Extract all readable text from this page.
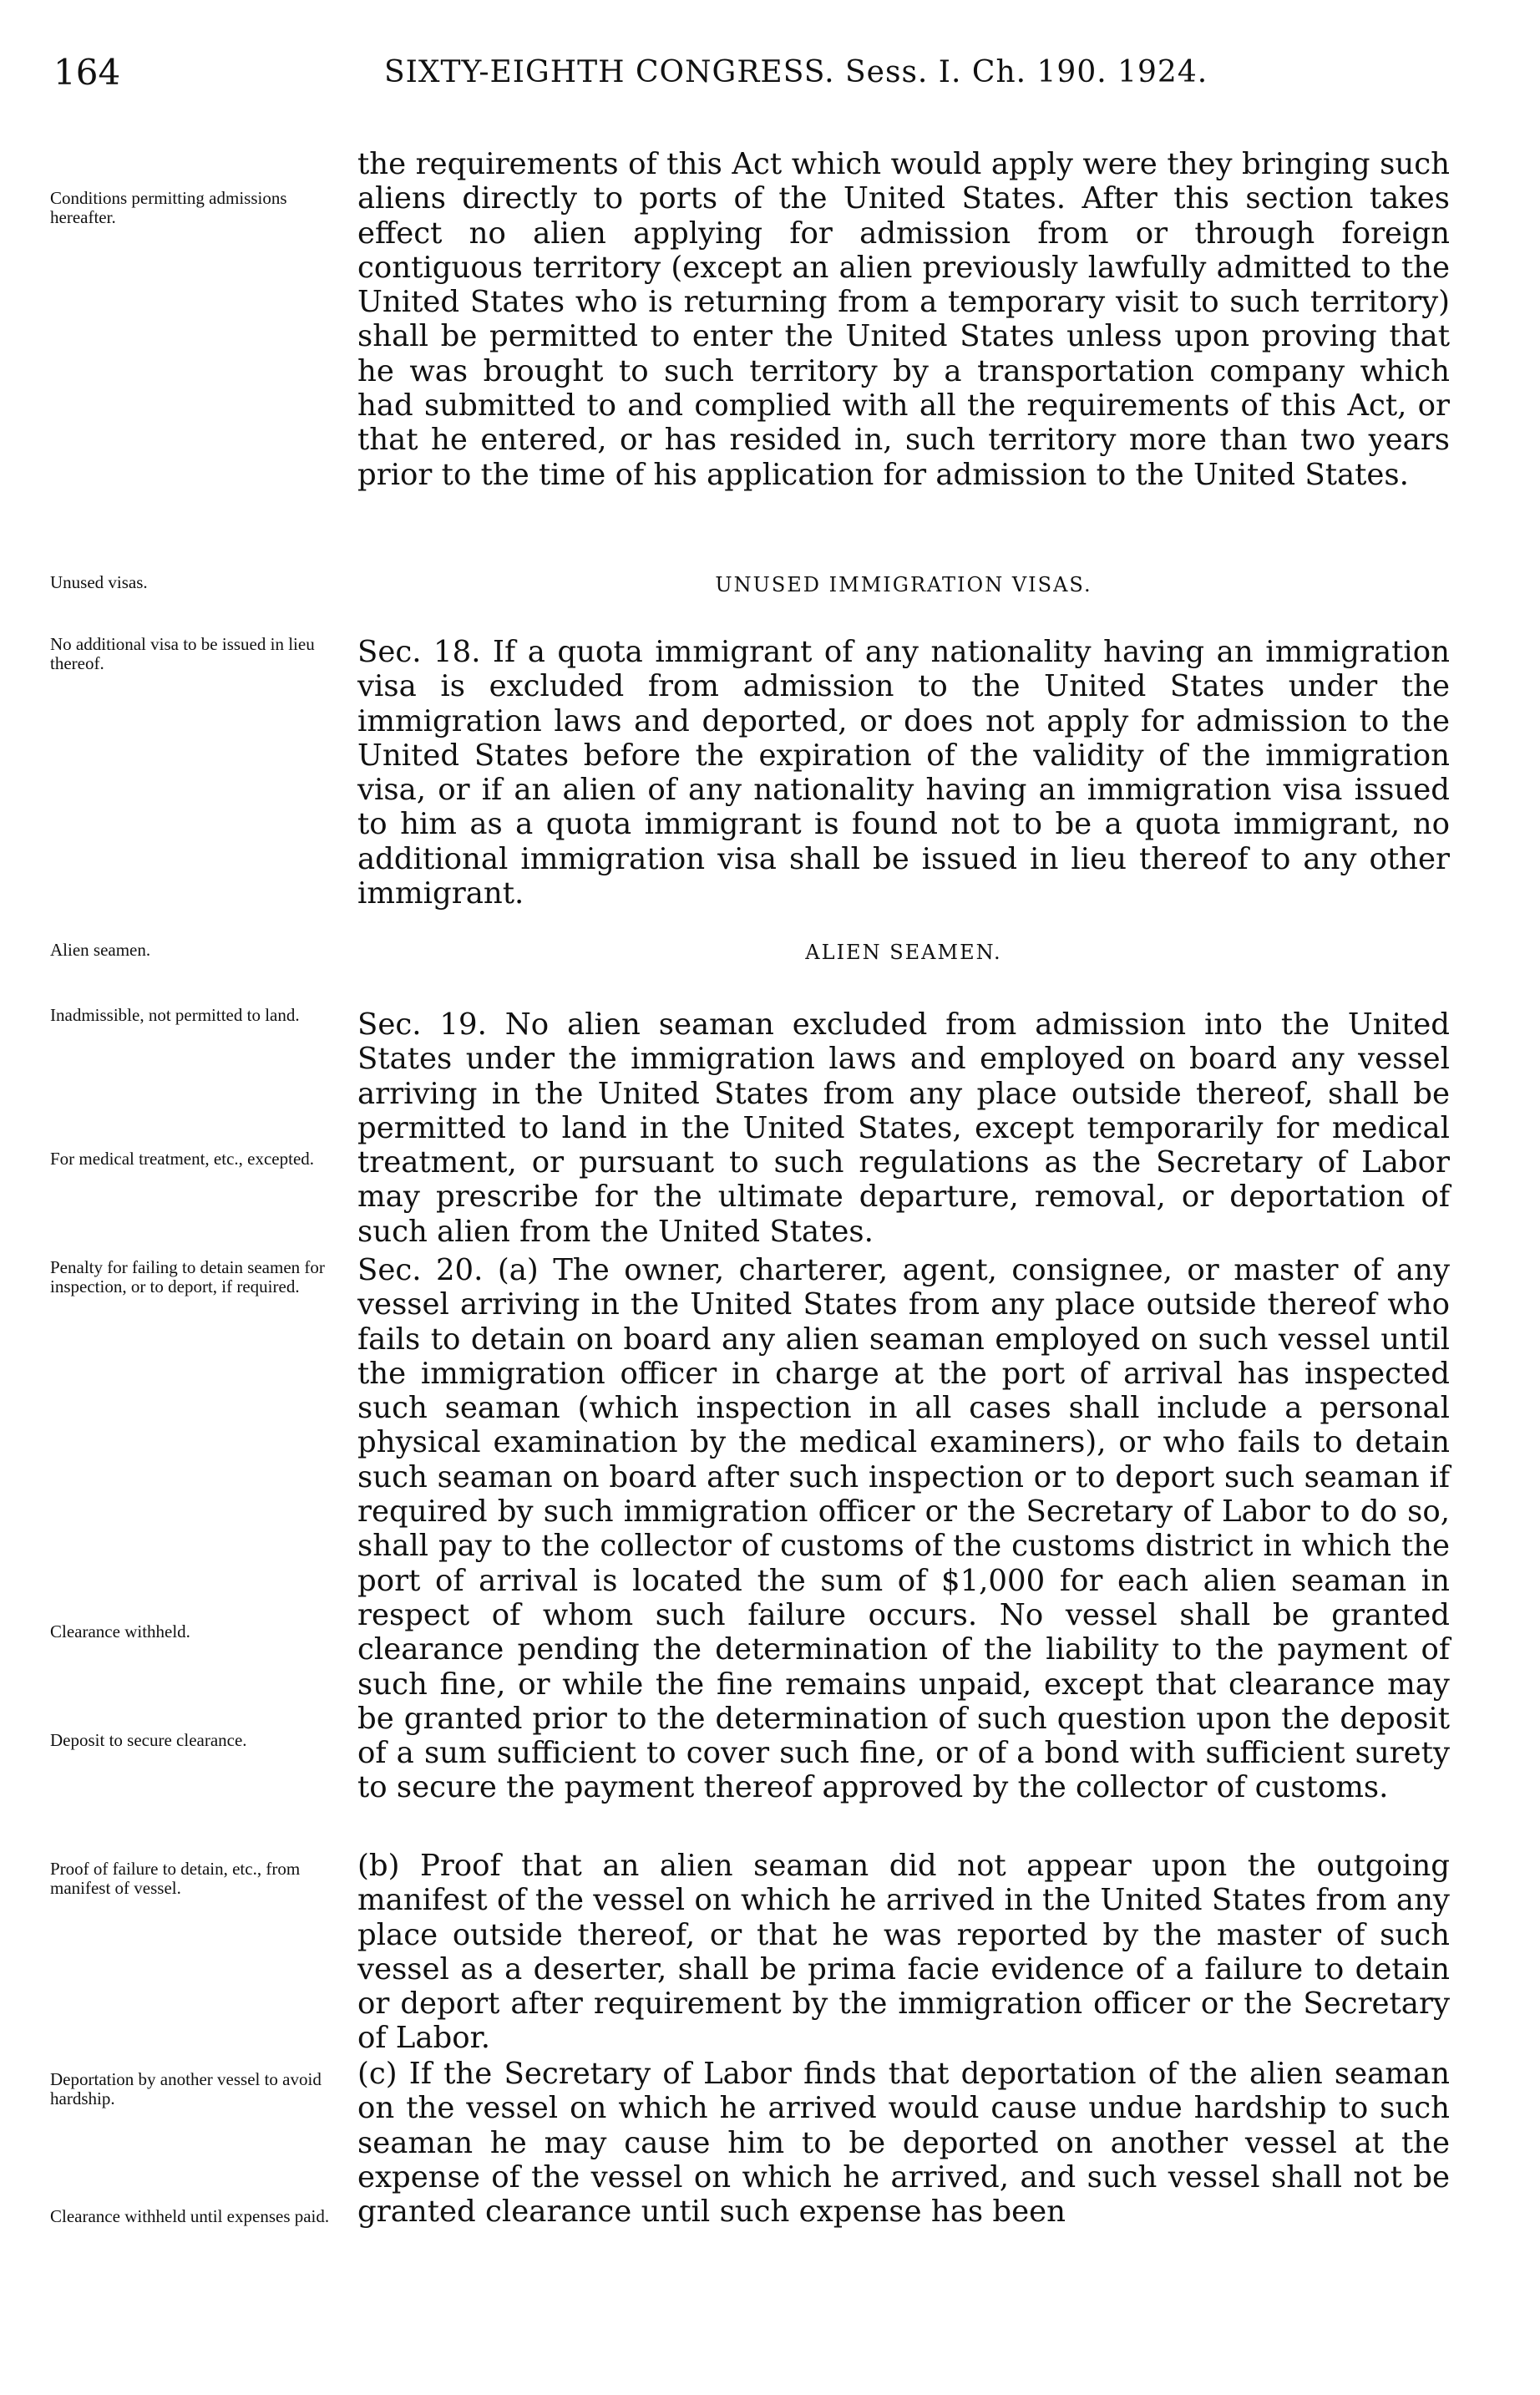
164	SIXTY-EIGHTH CONGRESS. Sess. I. Ch. 190. 1924.
Conditions permitting admissions hereafter.
Unused visas.
No additional visa to be issued in lieu thereof.
Alien seamen.
Inadmissible, not permitted to land.
For medical treatment, etc., excepted.
Penalty for failing to detain seamen for inspection, or to deport, if required.
Clearance withheld.
Deposit to secure clearance.
Proof of failure to detain, etc., from manifest of vessel.
Deportation by another vessel to avoid hardship.
Clearance withheld until expenses paid.

the requirements of this Act which would apply were they bringing such aliens directly to ports of the United States. After this section takes effect no alien applying for admission from or through foreign contiguous territory (except an alien previously lawfully admitted to the United States who is returning from a temporary visit to such territory) shall be permitted to enter the United States unless upon proving that he was brought to such territory by a transportation company which had submitted to and complied with all the requirements of this Act, or that he entered, or has resided in, such territory more than two years prior to the time of his application for admission to the United States.

UNUSED IMMIGRATION VISAS.

Sec. 18. If a quota immigrant of any nationality having an immigration visa is excluded from admission to the United States under the immigration laws and deported, or does not apply for admission to the United States before the expiration of the validity of the immigration visa, or if an alien of any nationality having an immigration visa issued to him as a quota immigrant is found not to be a quota immigrant, no additional immigration visa shall be issued in lieu thereof to any other immigrant.

ALIEN SEAMEN.

Sec. 19. No alien seaman excluded from admission into the United States under the immigration laws and employed on board any vessel arriving in the United States from any place outside thereof, shall be permitted to land in the United States, except temporarily for medical treatment, or pursuant to such regulations as the Secretary of Labor may prescribe for the ultimate departure, removal, or deportation of such alien from the United States.

Sec. 20. (a) The owner, charterer, agent, consignee, or master of any vessel arriving in the United States from any place outside thereof who fails to detain on board any alien seaman employed on such vessel until the immigration officer in charge at the port of arrival has inspected such seaman (which inspection in all cases shall include a personal physical examination by the medical examiners), or who fails to detain such seaman on board after such inspection or to deport such seaman if required by such immigration officer or the Secretary of Labor to do so, shall pay to the collector of customs of the customs district in which the port of arrival is located the sum of $1,000 for each alien seaman in respect of whom such failure occurs. No vessel shall be granted clearance pending the determination of the liability to the payment of such fine, or while the fine remains unpaid, except that clearance may be granted prior to the determination of such question upon the deposit of a sum sufficient to cover such fine, or of a bond with sufficient surety to secure the payment thereof approved by the collector of customs.

(b) Proof that an alien seaman did not appear upon the outgoing manifest of the vessel on which he arrived in the United States from any place outside thereof, or that he was reported by the master of such vessel as a deserter, shall be prima facie evidence of a failure to detain or deport after requirement by the immigration officer or the Secretary of Labor.

(c) If the Secretary of Labor finds that deportation of the alien seaman on the vessel on which he arrived would cause undue hardship to such seaman he may cause him to be deported on another vessel at the expense of the vessel on which he arrived, and such vessel shall not be granted clearance until such expense has been
